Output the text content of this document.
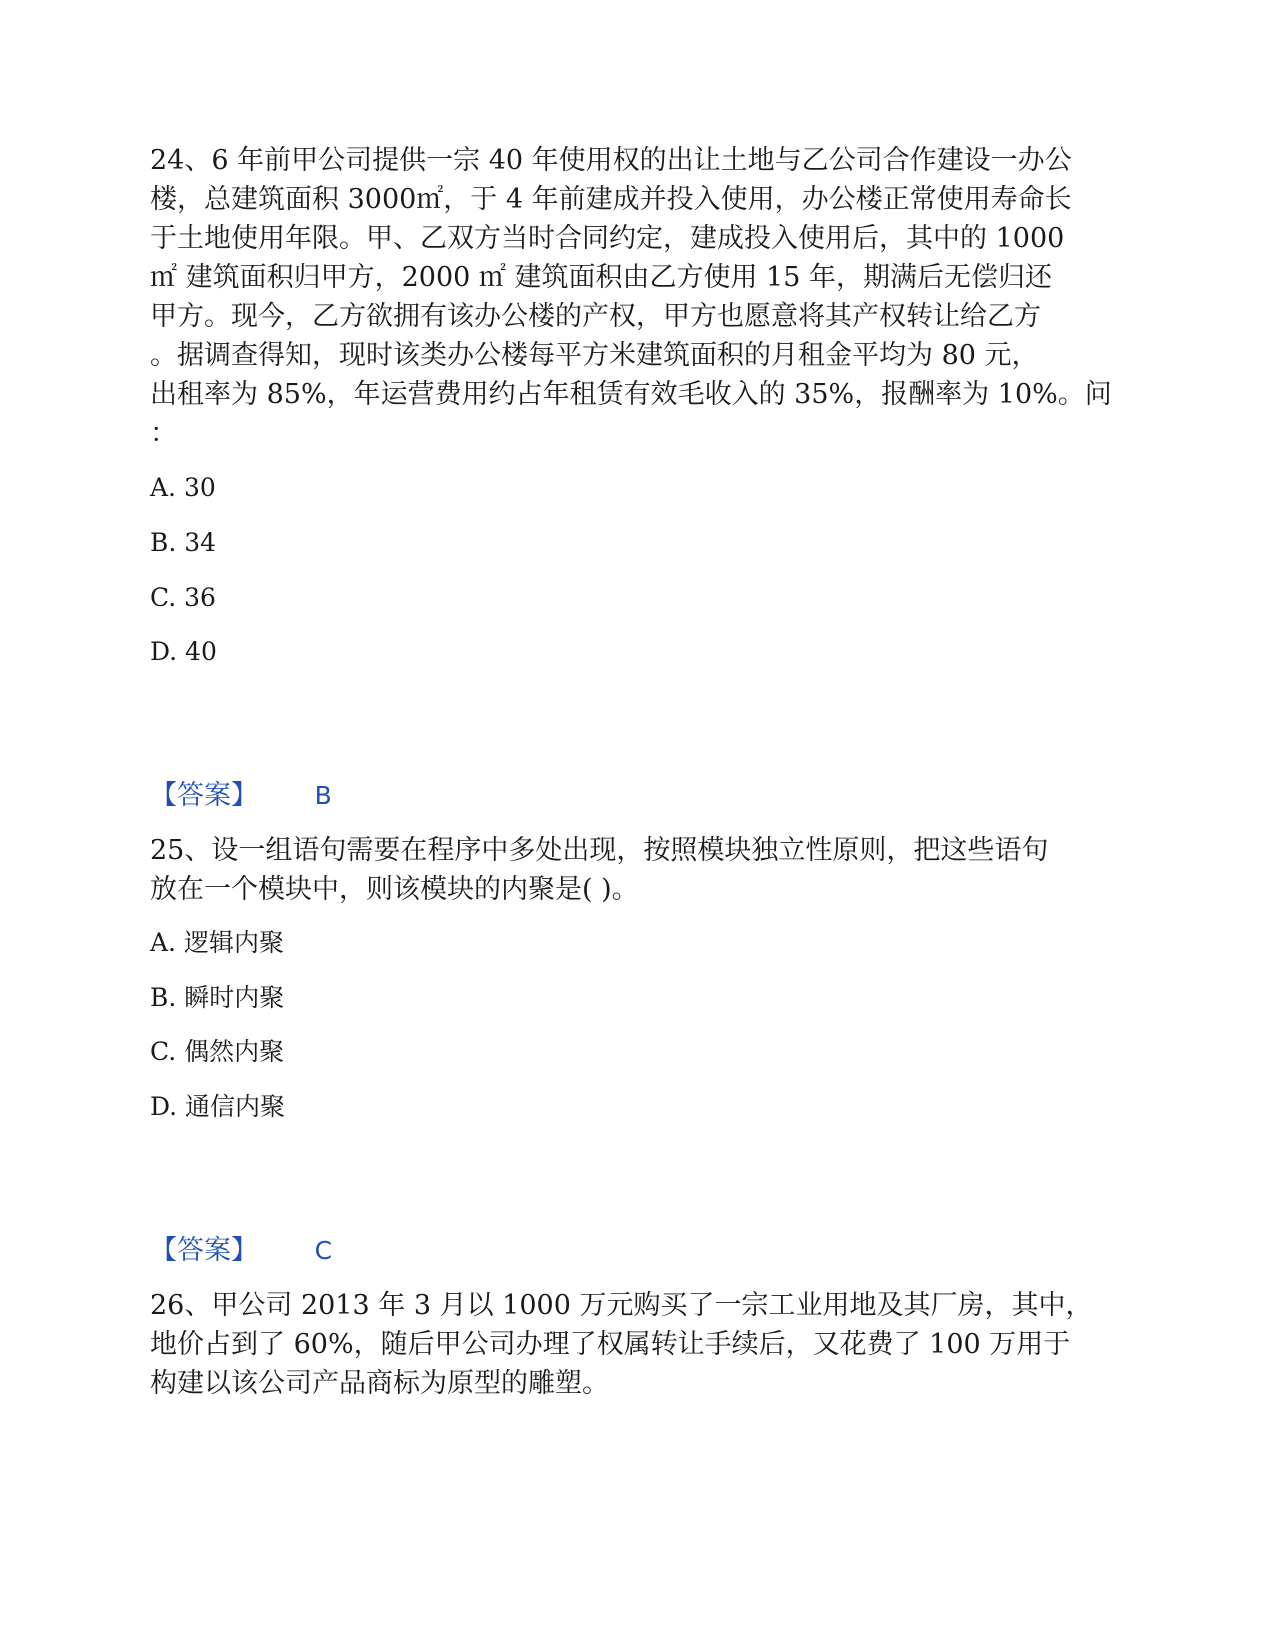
24、6 年前甲公司提供一宗 40 年使用权的出让土地与乙公司合作建设一办公
楼，总建筑面积 3000㎡，于 4 年前建成并投入使用，办公楼正常使用寿命长
于土地使用年限。甲、乙双方当时合同约定，建成投入使用后，其中的 1000
㎡ 建筑面积归甲方，2000 ㎡ 建筑面积由乙方使用 15 年，期满后无偿归还
甲方。现今，乙方欲拥有该办公楼的产权，甲方也愿意将其产权转让给乙方
。据调查得知，现时该类办公楼每平方米建筑面积的月租金平均为 80 元，
出租率为 85%，年运营费用约占年租赁有效毛收入的 35%，报酬率为 10%。问
：
A. 30
B. 34
C. 36
D. 40
【答案】 B
25、设一组语句需要在程序中多处出现，按照模块独立性原则，把这些语句
放在一个模块中，则该模块的内聚是( )。
A. 逻辑内聚
B. 瞬时内聚
C. 偶然内聚
D. 通信内聚
【答案】 C
26、甲公司 2013 年 3 月以 1000 万元购买了一宗工业用地及其厂房，其中，
地价占到了 60%，随后甲公司办理了权属转让手续后，又花费了 100 万用于
构建以该公司产品商标为原型的雕塑。
